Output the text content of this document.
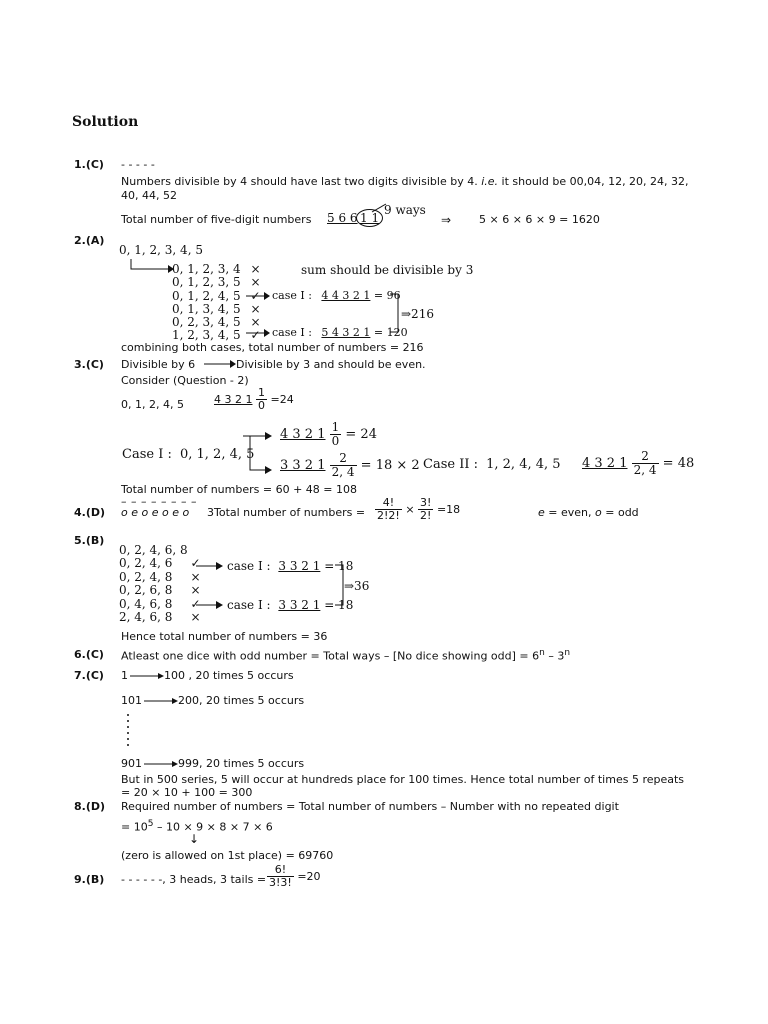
Solution
1.(C) - - - - -
Numbers divisible by 4 should have last two digits divisible by 4. i.e. it should be 00,04, 12, 20, 24, 32,
40, 44, 52
Total number of five-digit numbers 5 6 6 1 1
9 ways
⇒	5 × 6 × 6 × 9 = 1620
2.(A)
0, 1, 2, 3, 4, 5
0, 1, 2, 3, 4 ×
0, 1, 2, 3, 5 ×
0, 1, 2, 4, 5 ✓
0, 1, 3, 4, 5 ×
0, 2, 3, 4, 5 ×
1, 2, 3, 4, 5 ✓
sum should be divisible by 3
case I : 4 4 3 2 1 = 96
case I : 5 4 3 2 1 = 120
⇒216
combining both cases, total number of numbers = 216
3.(C) Divisible by 6	Divisible by 3 and should be even.
Consider (Question - 2)
0, 1, 2, 4, 5	4 3 2 $1 \frac{1}{0} =24$
Case I : 0, 1, 2, 4, 5
4 3 2 $1 \frac{1}{0} = 24$
3 3 2 $1 \frac{2}{2, 4} = 18 \times 2$ Case II : 1, 2, 4, 4, 5 4 3 2 $1 \frac{2}{2, 4} = 48$
Total number of numbers = 60 + 48 = 108
4.(D)
– – – – – – – –
o e o e o e o 3Total number of numbers = $\frac{4!}{2!2!} \times \frac{3!}{2!} =18$	e = even, o = odd
5.(B)
0, 2, 4, 6, 8
0, 2, 4, 6 ✓
0, 2, 4, 8 ×
0, 2, 6, 8 ×
0, 4, 6, 8 ✓
2, 4, 6, 8 ×
case I : 3 3 2 1 = 18
case I : 3 3 2 1 = 18
⇒36
Hence total number of numbers = 36
6.(C) Atleast one dice with odd number = Total ways – [No dice showing $odd] = 6^n - 3^n$
7.(C) 1	100 , 20 times 5 occurs
101	200, 20 times 5 occurs
901	999, 20 times 5 occurs
But in 500 series, 5 will occur at hundreds place for 100 times. Hence total number of times 5 repeats
= 20 × 10 + 100 = 300
8.(D) Required number of numbers = Total number of numbers – Number with no repeated digit
= $10^5 - 10 \times 9 \times 8 \times 7 \times 6$
↓
(zero is allowed on 1st place) = 69760
9.(B) - - - - - -, 3 heads, 3 tails = $\frac{6!}{3!3!} =20$
